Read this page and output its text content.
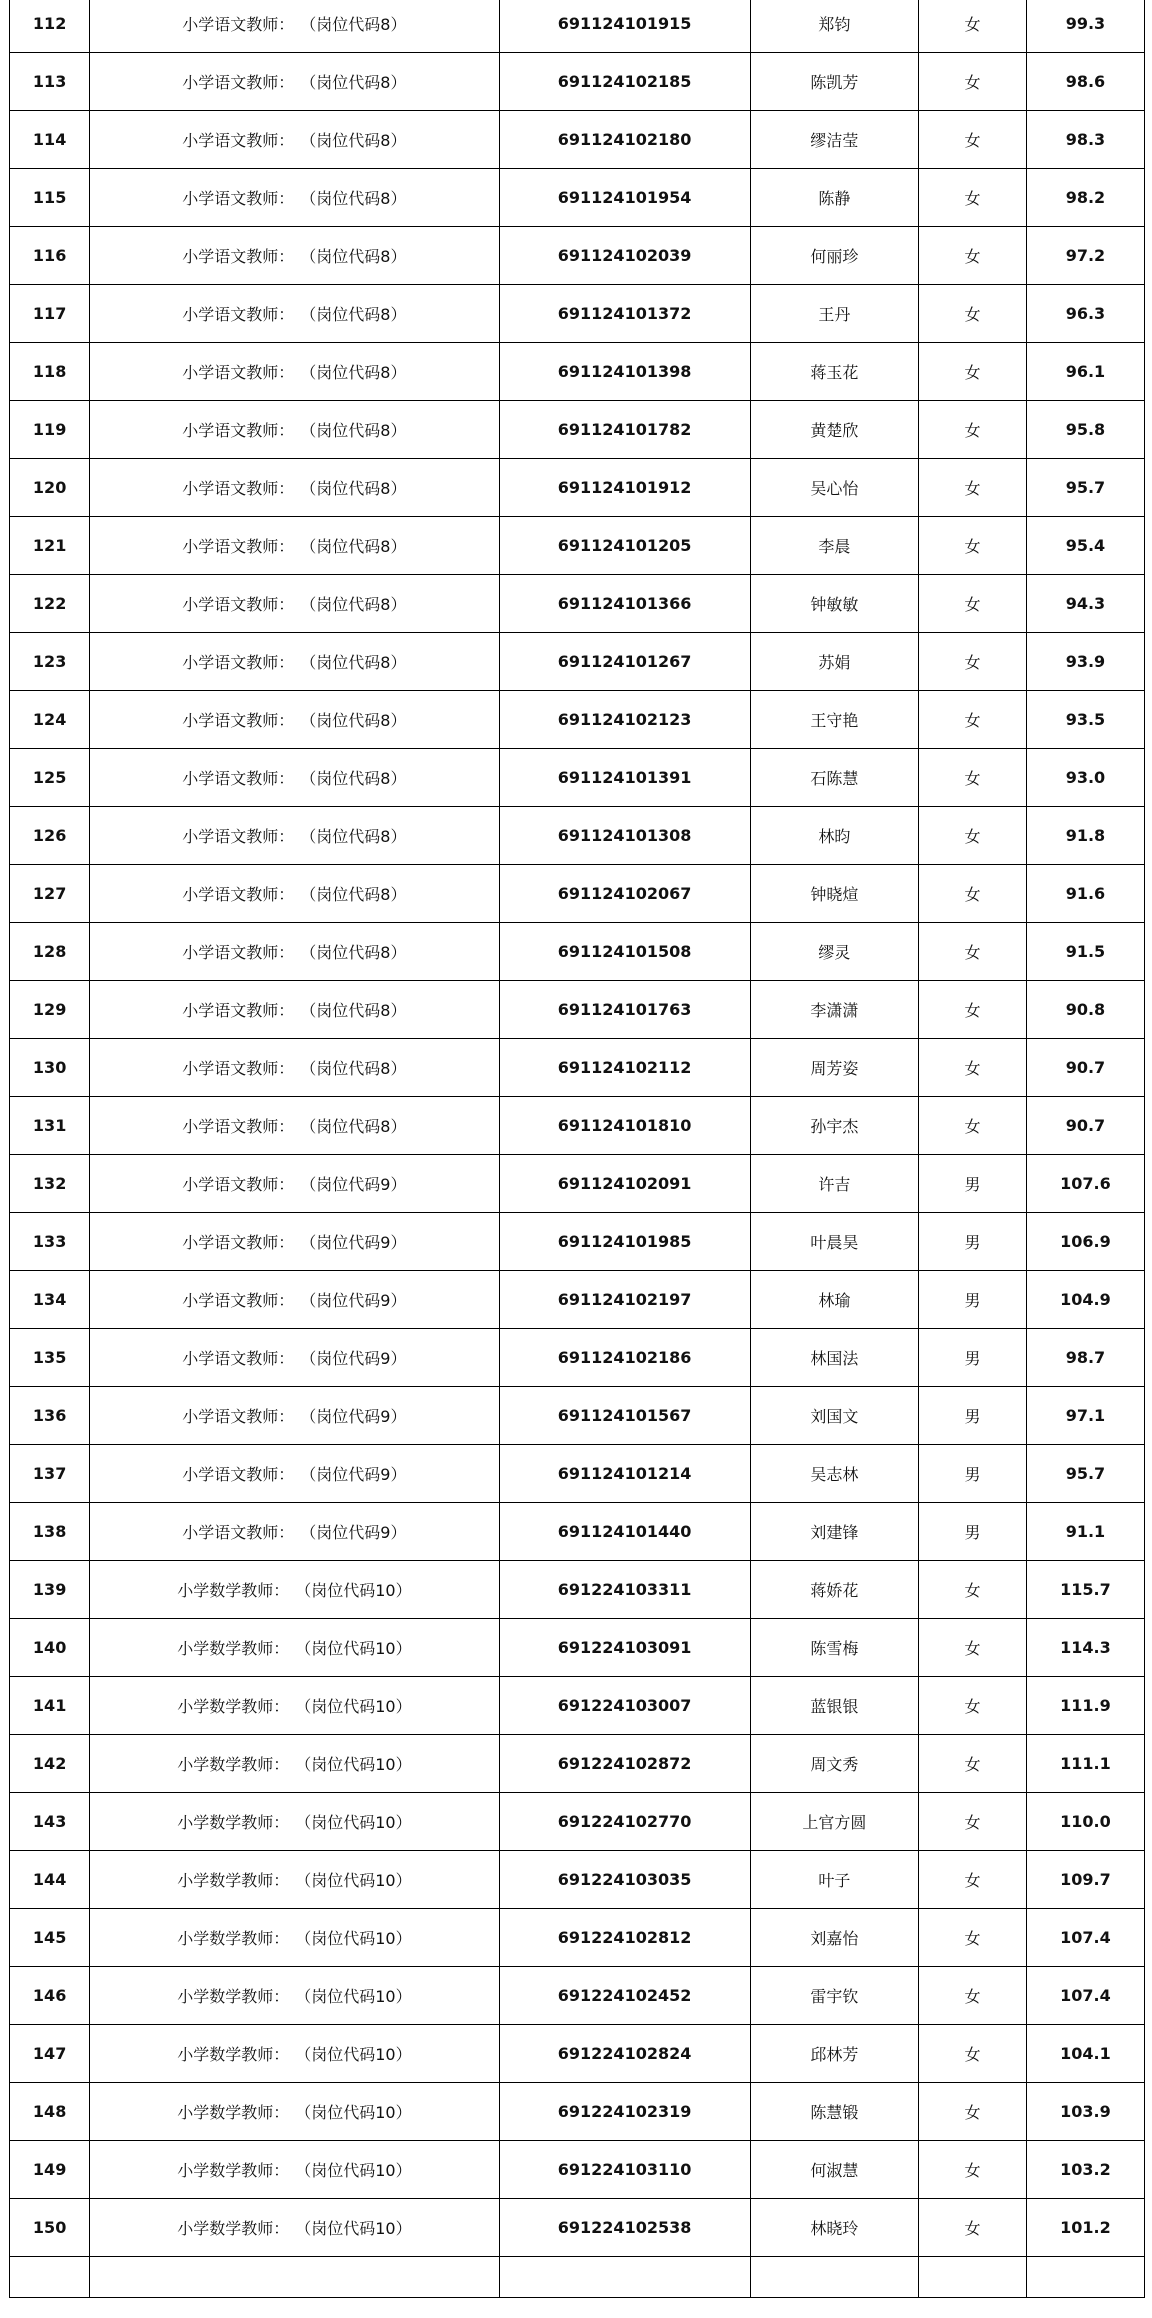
112	小学语文教师： （岗位代码8）	691124101915	郑钧	女	99.3
113	小学语文教师： （岗位代码8）	691124102185	陈凯芳	女	98.6
114	小学语文教师： （岗位代码8）	691124102180	缪洁莹	女	98.3
115	小学语文教师： （岗位代码8）	691124101954	陈静	女	98.2
116	小学语文教师： （岗位代码8）	691124102039	何丽珍	女	97.2
117	小学语文教师： （岗位代码8）	691124101372	王丹	女	96.3
118	小学语文教师： （岗位代码8）	691124101398	蒋玉花	女	96.1
119	小学语文教师： （岗位代码8）	691124101782	黄楚欣	女	95.8
120	小学语文教师： （岗位代码8）	691124101912	吴心怡	女	95.7
121	小学语文教师： （岗位代码8）	691124101205	李晨	女	95.4
122	小学语文教师： （岗位代码8）	691124101366	钟敏敏	女	94.3
123	小学语文教师： （岗位代码8）	691124101267	苏娟	女	93.9
124	小学语文教师： （岗位代码8）	691124102123	王守艳	女	93.5
125	小学语文教师： （岗位代码8）	691124101391	石陈慧	女	93.0
126	小学语文教师： （岗位代码8）	691124101308	林昀	女	91.8
127	小学语文教师： （岗位代码8）	691124102067	钟晓煊	女	91.6
128	小学语文教师： （岗位代码8）	691124101508	缪灵	女	91.5
129	小学语文教师： （岗位代码8）	691124101763	李潇潇	女	90.8
130	小学语文教师： （岗位代码8）	691124102112	周芳姿	女	90.7
131	小学语文教师： （岗位代码8）	691124101810	孙宇杰	女	90.7
132	小学语文教师： （岗位代码9）	691124102091	许吉	男	107.6
133	小学语文教师： （岗位代码9）	691124101985	叶晨昊	男	106.9
134	小学语文教师： （岗位代码9）	691124102197	林瑜	男	104.9
135	小学语文教师： （岗位代码9）	691124102186	林国法	男	98.7
136	小学语文教师： （岗位代码9）	691124101567	刘国文	男	97.1
137	小学语文教师： （岗位代码9）	691124101214	吴志林	男	95.7
138	小学语文教师： （岗位代码9）	691124101440	刘建锋	男	91.1
139	小学数学教师： （岗位代码10）	691224103311	蒋娇花	女	115.7
140	小学数学教师： （岗位代码10）	691224103091	陈雪梅	女	114.3
141	小学数学教师： （岗位代码10）	691224103007	蓝银银	女	111.9
142	小学数学教师： （岗位代码10）	691224102872	周文秀	女	111.1
143	小学数学教师： （岗位代码10）	691224102770	上官方圆	女	110.0
144	小学数学教师： （岗位代码10）	691224103035	叶子	女	109.7
145	小学数学教师： （岗位代码10）	691224102812	刘嘉怡	女	107.4
146	小学数学教师： （岗位代码10）	691224102452	雷宇钦	女	107.4
147	小学数学教师： （岗位代码10）	691224102824	邱林芳	女	104.1
148	小学数学教师： （岗位代码10）	691224102319	陈慧锻	女	103.9
149	小学数学教师： （岗位代码10）	691224103110	何淑慧	女	103.2
150	小学数学教师： （岗位代码10）	691224102538	林晓玲	女	101.2
